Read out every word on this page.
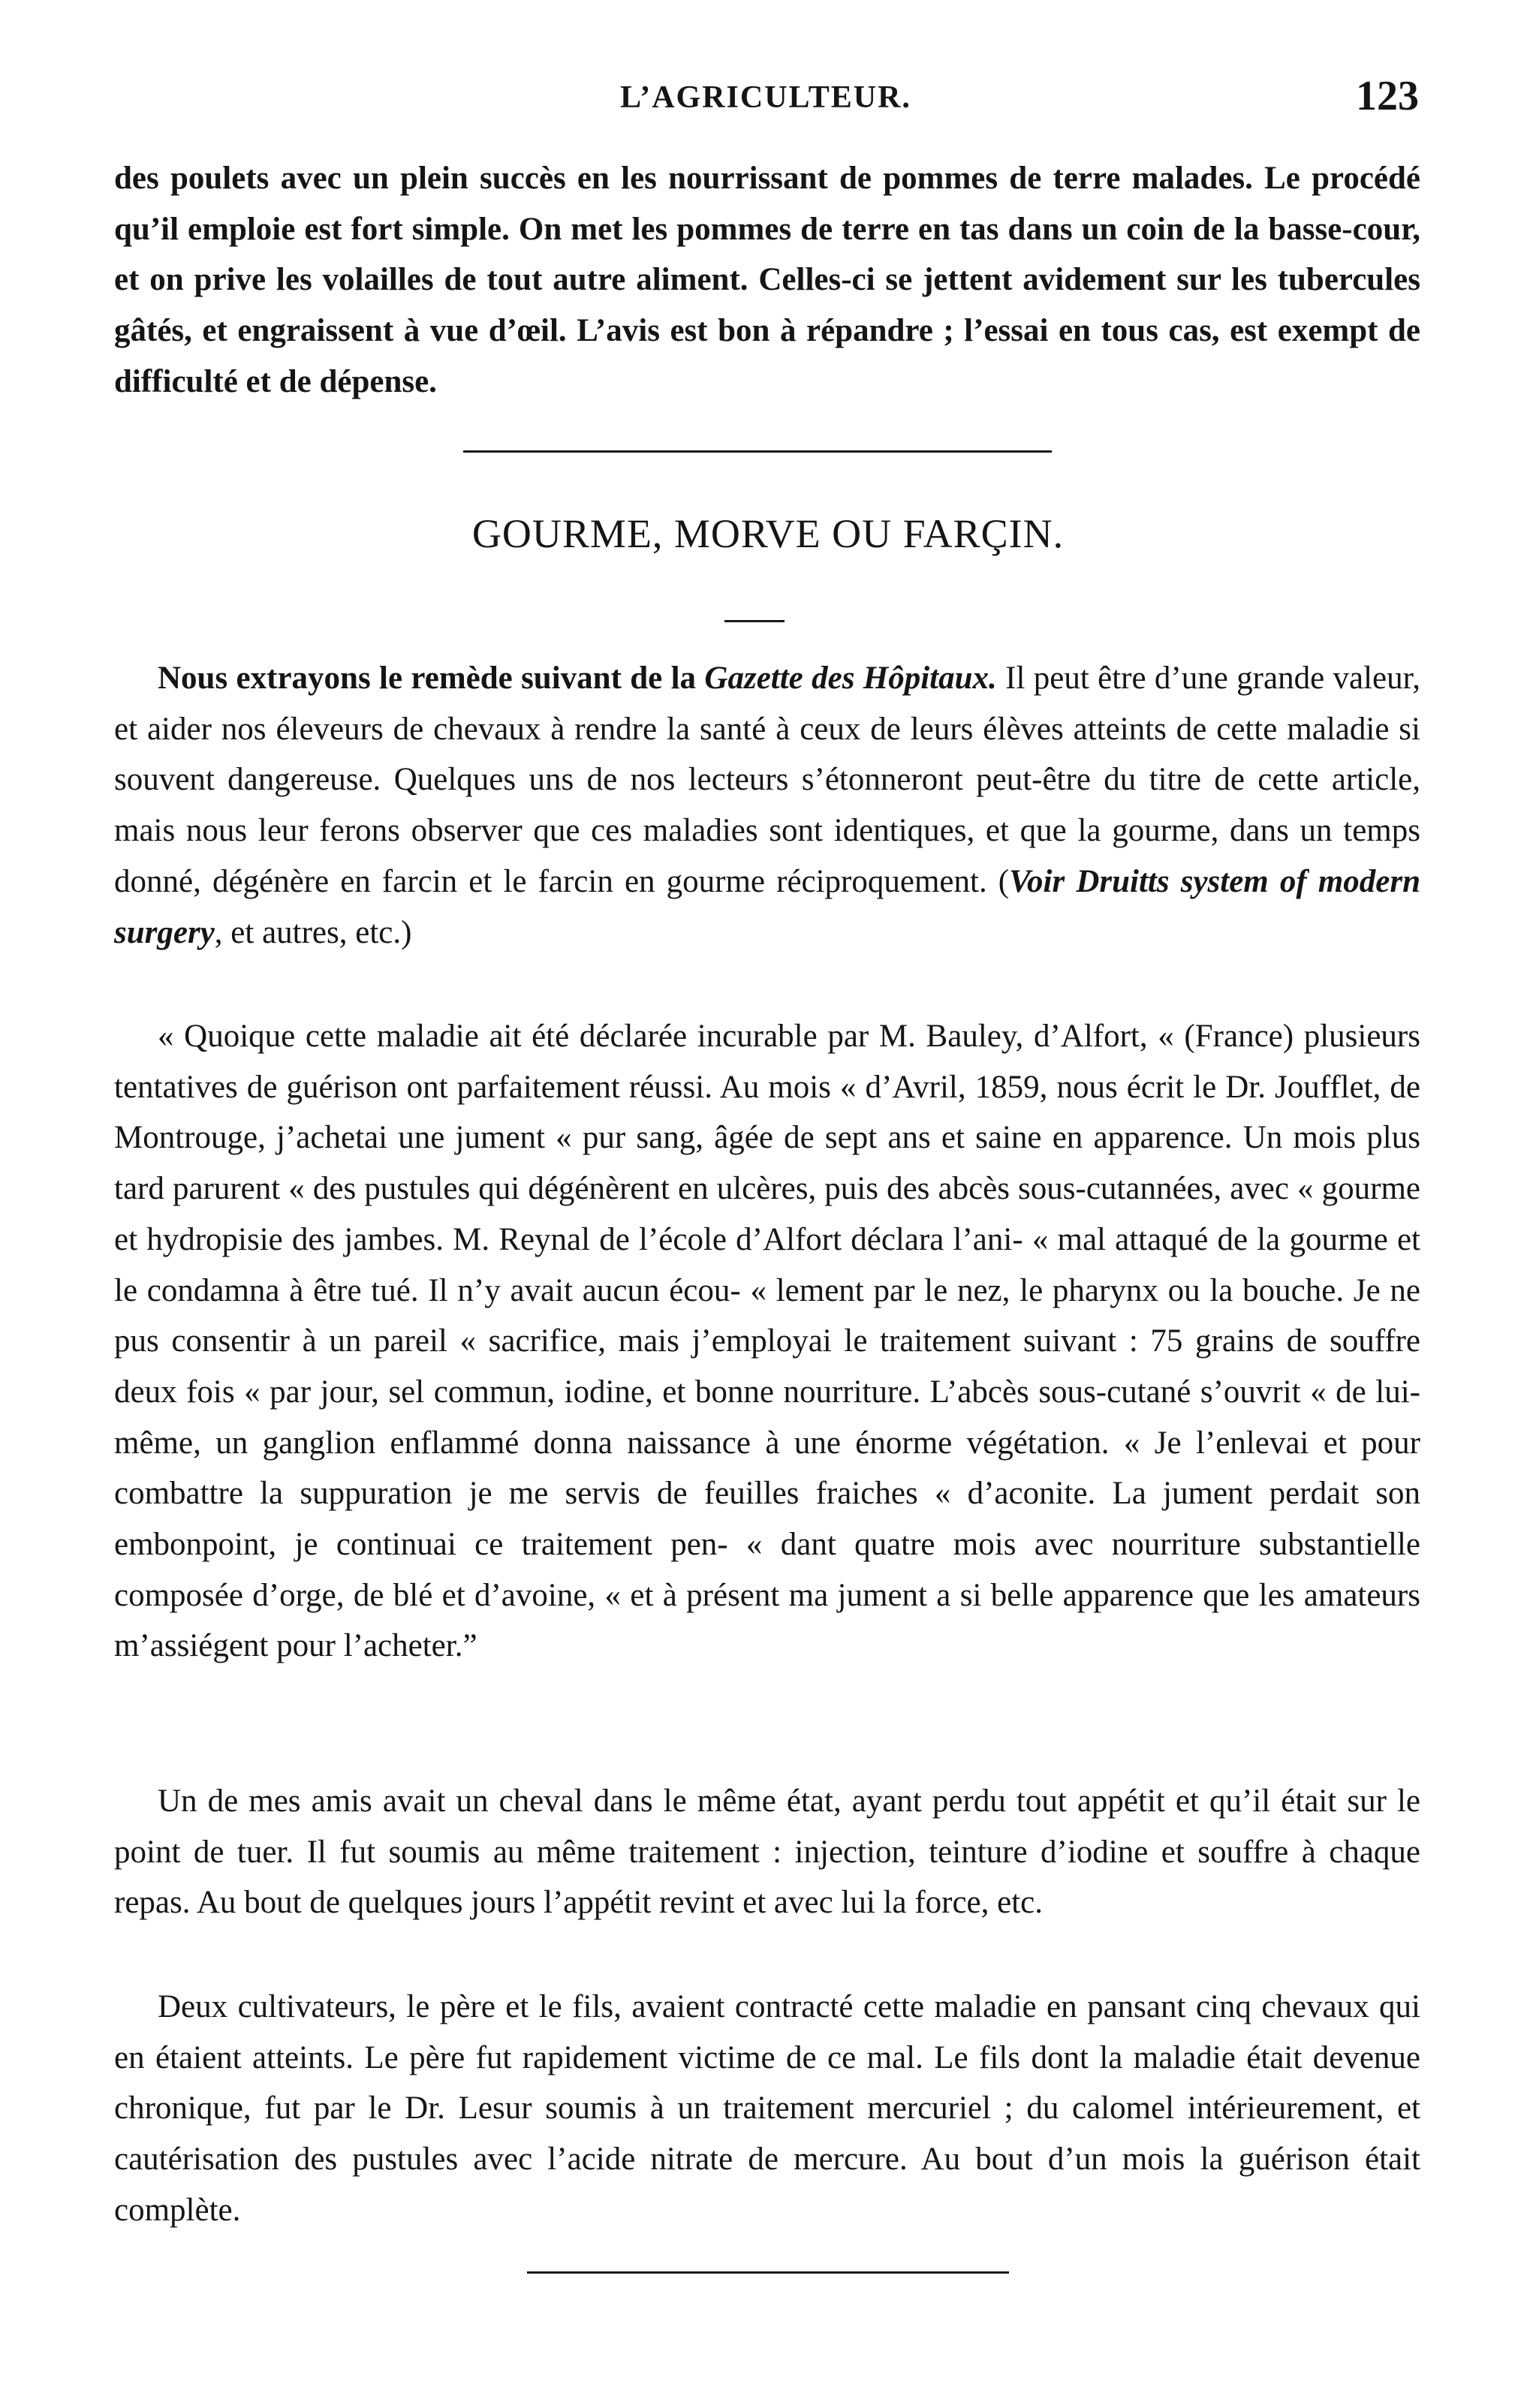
L’AGRICULTEUR.	123

des poulets avec un plein succès en les nourrissant de pommes de terre malades. Le procédé qu’il emploie est fort simple. On met les pommes de terre en tas dans un coin de la basse-cour, et on prive les volailles de tout autre aliment. Celles-ci se jettent avidement sur les tubercules gâtés, et engraissent à vue d’œil. L’avis est bon à répandre ; l’essai en tous cas, est exempt de difficulté et de dépense.

GOURME, MORVE OU FARÇIN.

Nous extrayons le remède suivant de la Gazette des Hôpitaux. Il peut être d’une grande valeur, et aider nos éleveurs de chevaux à rendre la santé à ceux de leurs élèves atteints de cette maladie si souvent dangereuse. Quelques uns de nos lecteurs s’étonneront peut-être du titre de cette article, mais nous leur ferons observer que ces maladies sont identiques, et que la gourme, dans un temps donné, dégénère en farcin et le farcin en gourme réciproquement. (Voir Druitts system of modern surgery, et autres, etc.)

« Quoique cette maladie ait été déclarée incurable par M. Bauley, d’Alfort, « (France) plusieurs tentatives de guérison ont parfaitement réussi. Au mois « d’Avril, 1859, nous écrit le Dr. Joufflet, de Montrouge, j’achetai une jument « pur sang, âgée de sept ans et saine en apparence. Un mois plus tard parurent « des pustules qui dégénèrent en ulcères, puis des abcès sous-cutannées, avec « gourme et hydropisie des jambes. M. Reynal de l’école d’Alfort déclara l’ani- « mal attaqué de la gourme et le condamna à être tué. Il n’y avait aucun écou- « lement par le nez, le pharynx ou la bouche. Je ne pus consentir à un pareil « sacrifice, mais j’employai le traitement suivant : 75 grains de souffre deux fois « par jour, sel commun, iodine, et bonne nourriture. L’abcès sous-cutané s’ouvrit « de lui-même, un ganglion enflammé donna naissance à une énorme végétation. « Je l’enlevai et pour combattre la suppuration je me servis de feuilles fraiches « d’aconite. La jument perdait son embonpoint, je continuai ce traitement pen- « dant quatre mois avec nourriture substantielle composée d’orge, de blé et d’avoine, « et à présent ma jument a si belle apparence que les amateurs m’assiégent pour l’acheter.”

Un de mes amis avait un cheval dans le même état, ayant perdu tout appétit et qu’il était sur le point de tuer. Il fut soumis au même traitement : injection, teinture d’iodine et souffre à chaque repas. Au bout de quelques jours l’appétit revint et avec lui la force, etc.

Deux cultivateurs, le père et le fils, avaient contracté cette maladie en pansant cinq chevaux qui en étaient atteints. Le père fut rapidement victime de ce mal. Le fils dont la maladie était devenue chronique, fut par le Dr. Lesur soumis à un traitement mercuriel ; du calomel intérieurement, et cautérisation des pustules avec l’acide nitrate de mercure. Au bout d’un mois la guérison était complète.
